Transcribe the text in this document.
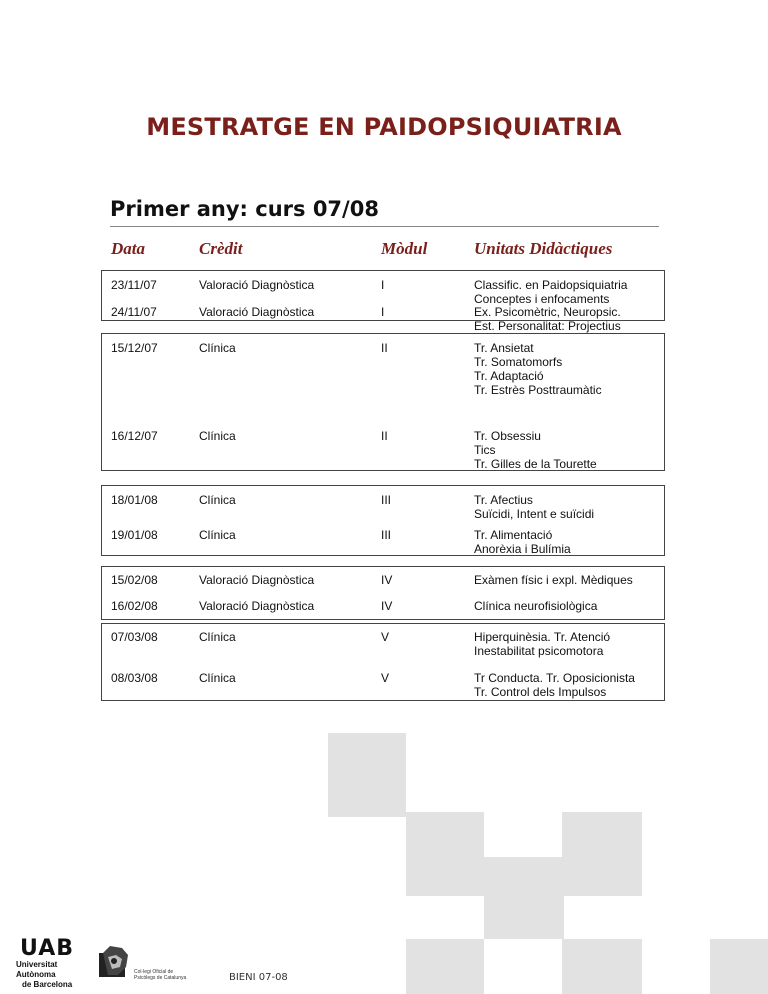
MESTRATGE EN PAIDOPSIQUIATRIA
Primer any: curs 07/08
Data	Crèdit	Mòdul	Unitats Didàctiques
23/11/07	Valoració Diagnòstica	I	Classific. en Paidopsiquiatria
Conceptes i enfocaments
24/11/07	Valoració Diagnòstica	I	Ex. Psicomètric, Neuropsic.
Est. Personalitat: Projectius
15/12/07	Clínica	II	Tr. Ansietat
Tr. Somatomorfs
Tr. Adaptació
Tr. Estrès Posttraumàtic
16/12/07	Clínica	II	Tr. Obsessiu
Tics
Tr. Gilles de la Tourette
18/01/08	Clínica	III	Tr. Afectius
Suïcidi, Intent e suïcidi
19/01/08	Clínica	III	Tr. Alimentació
Anorèxia i Bulímia
15/02/08	Valoració Diagnòstica	IV	Exàmen físic i expl. Mèdiques
16/02/08	Valoració Diagnòstica	IV	Clínica neurofisiològica
07/03/08	Clínica	V	Hiperquinèsia. Tr. Atenció
Inestabilitat psicomotora
08/03/08	Clínica	V	Tr Conducta. Tr. Oposicionista
Tr. Control dels Impulsos
UAB
Universitat Autònoma
de Barcelona
Col·legi Oficial de
Psicòlegs de Catalunya	BIENI 07-08
